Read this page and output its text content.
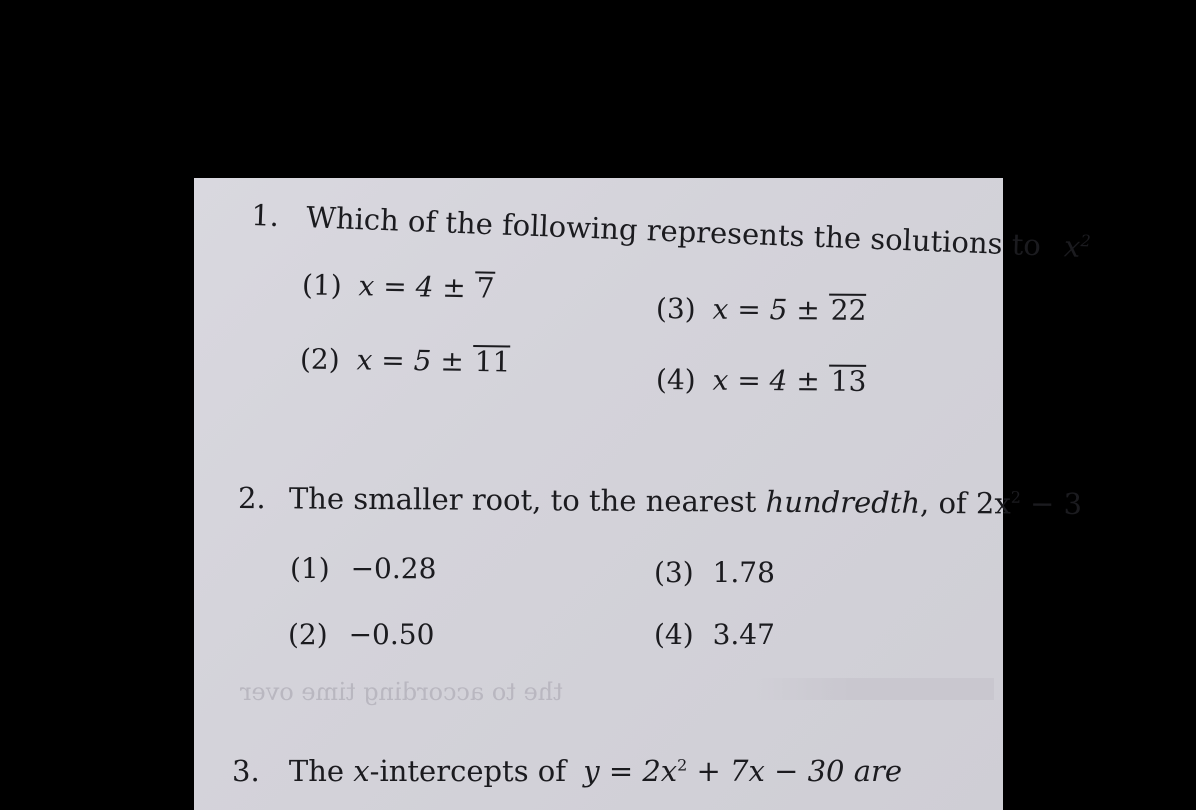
1. Which of the following represents the solutions to $x^2$
(1) x = 4 ± 7
(2) x = 5 ± 11
(3) x = 5 ± 22
(4) x = 4 ± 13
2. The smaller root, to the nearest hundredth, of $2x^2 - 3$
(1) −0.28
(2) −0.50
(3) 1.78
(4) 3.47
the to according time over
3. The x-intercepts of $y = 2x^2 + 7x - 30$ are
